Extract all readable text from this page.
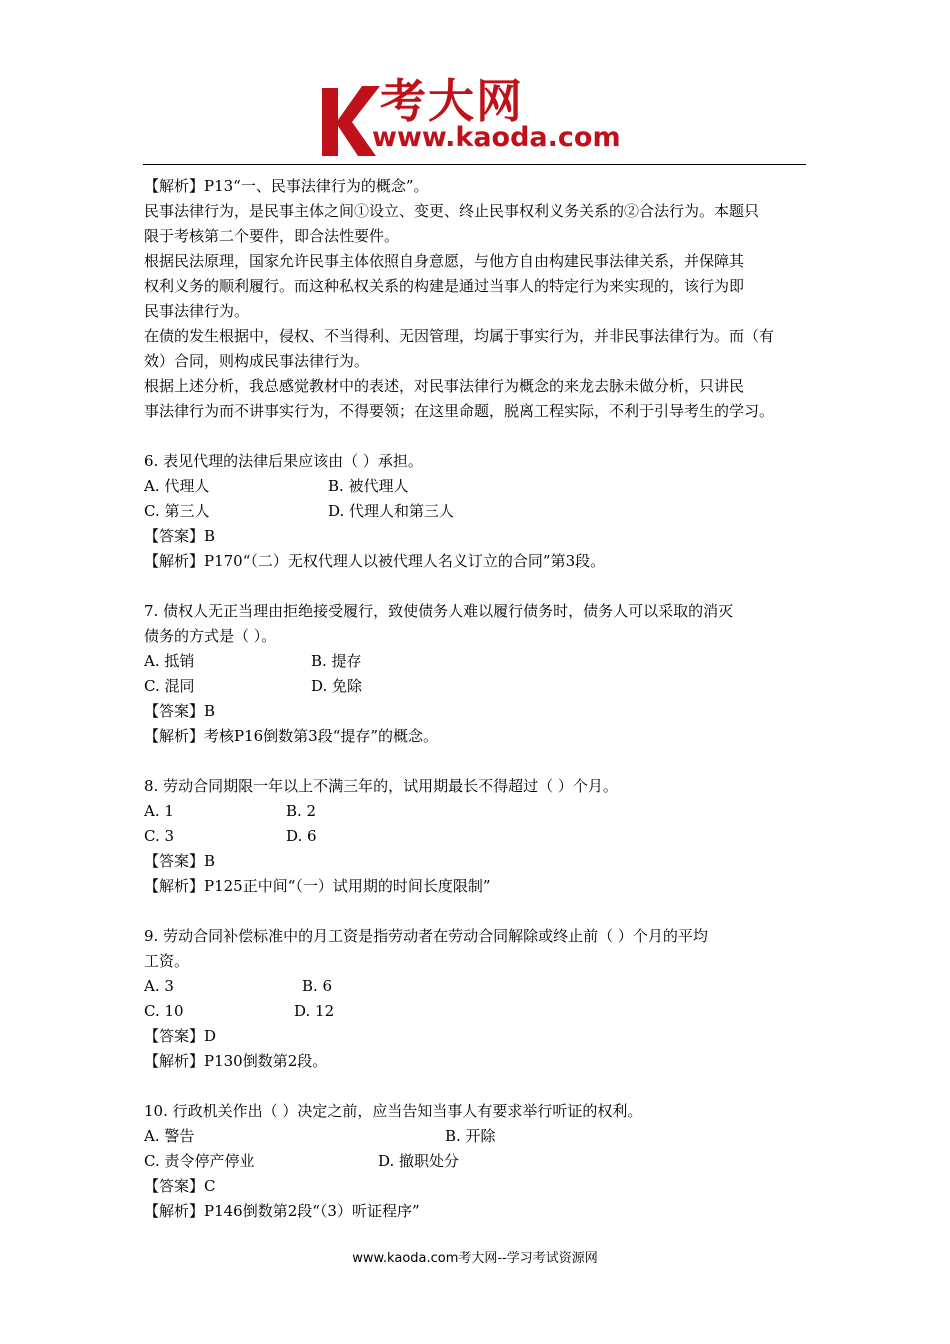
考大网
www.kaoda.com

【解析】P13“一、民事法律行为的概念”。

民事法律行为，是民事主体之间①设立、变更、终止民事权利义务关系的②合法行为。本题只

限于考核第二个要件，即合法性要件。

根据民法原理，国家允许民事主体依照自身意愿，与他方自由构建民事法律关系，并保障其

权利义务的顺利履行。而这种私权关系的构建是通过当事人的特定行为来实现的，该行为即

民事法律行为。

在债的发生根据中，侵权、不当得利、无因管理，均属于事实行为，并非民事法律行为。而（有

效）合同，则构成民事法律行为。

根据上述分析，我总感觉教材中的表述，对民事法律行为概念的来龙去脉未做分析，只讲民

事法律行为而不讲事实行为，不得要领；在这里命题，脱离工程实际，不利于引导考生的学习。

6. 表见代理的法律后果应该由（ ）承担。

A. 代理人	B. 被代理人
C. 第三人	D. 代理人和第三人

【答案】B

【解析】P170“（二）无权代理人以被代理人名义订立的合同”第3段。

7. 债权人无正当理由拒绝接受履行，致使债务人难以履行债务时，债务人可以采取的消灭

债务的方式是（ ）。

A. 抵销	B. 提存
C. 混同	D. 免除

【答案】B

【解析】考核P16倒数第3段“提存”的概念。

8. 劳动合同期限一年以上不满三年的，试用期最长不得超过（ ）个月。

A. 1	B. 2
C. 3	D. 6

【答案】B

【解析】P125正中间“（一）试用期的时间长度限制”

9. 劳动合同补偿标准中的月工资是指劳动者在劳动合同解除或终止前（ ）个月的平均

工资。

A. 3	B. 6
C. 10	D. 12

【答案】D

【解析】P130倒数第2段。

10. 行政机关作出（ ）决定之前，应当告知当事人有要求举行听证的权利。

A. 警告	B. 开除
C. 责令停产停业	D. 撤职处分

【答案】C

【解析】P146倒数第2段“（3）听证程序”

www.kaoda.com考大网--学习考试资源网
